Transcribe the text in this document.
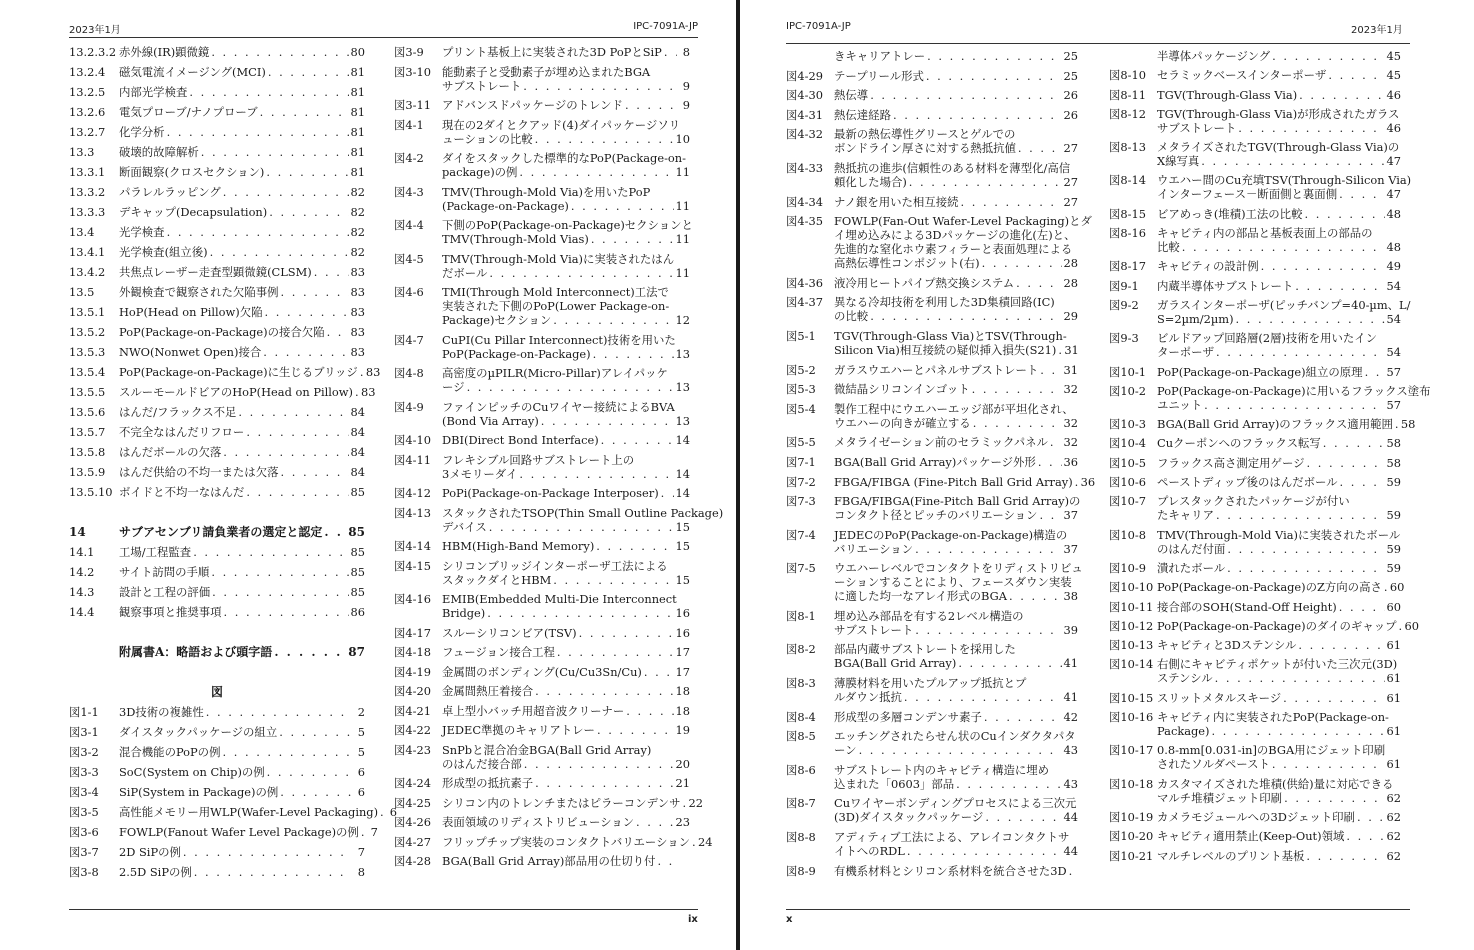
2023年1月	IPC-7091A-JP
13.2.3.2 赤外線(IR)顕微鏡 . . .	80
13.2.4 磁気電流イメージング(MCI) . . .	81
13.2.5 内部光学検査 . . .	81
13.2.6 電気プローブ/ナノプローブ . . .	81
13.2.7 化学分析 . . .	81
13.3 破壊的故障解析 . . .	81
13.3.1 断面観察(クロスセクション) . . .	81
13.3.2 パラレルラッピング . . .	82
13.3.3 デキャップ(Decapsulation) . . .	82
13.4 光学検査 . . .	82
13.4.1 光学検査(組立後) . . .	82
13.4.2 共焦点レーザー走査型顕微鏡(CLSM) . . .	83
13.5 外観検査で観察された欠陥事例 . . .	83
13.5.1 HoP(Head on Pillow)欠陥 . . .	83
13.5.2 PoP(Package-on-Package)の接合欠陥 . . . 83
13.5.3 NWO(Nonwet Open)接合 . . .	83
13.5.4 PoP(Package-on-Package)に生じるブリッジ . . . 83
13.5.5 スルーモールドビアのHoP(Head on Pillow) . . . 83
13.5.6 はんだ/フラックス不足 . . .	84
13.5.7 不完全なはんだリフロー . . .	84
13.5.8 はんだボールの欠落 . . .	84
13.5.9 はんだ供給の不均一または欠落 . . .	84
13.5.10 ボイドと不均一なはんだ . . .	85
14	サブアセンブリ請負業者の選定と認定 . . . 85
14.1 工場/工程監査 . . .	85
14.2 サイト訪問の手順 . . .	85
14.3 設計と工程の評価 . . .	85
14.4 観察事項と推奨事項 . . .	86
附属書A：略語および頭字語 . . .	87
図
図1-1 3D技術の複雑性 . . .	2
図3-1 ダイスタックパッケージの組立 . . .	5
図3-2 混合機能のPoPの例 . . .	5
図3-3 SoC(System on Chip)の例 . . .	6
図3-4 SiP(System in Package)の例 . . .	6
図3-5 高性能メモリー用WLP(Wafer-Level Packaging) . . .	6
図3-6 FOWLP(Fanout Wafer Level Package)の例 . . .	7
図3-7 2D SiPの例 . . .	7
図3-8 2.5D SiPの例 . . .	8
図3-9 プリント基板上に実装された3D PoPとSiP . . .	8
図3-10 能動素子と受動素子が埋め込まれたBGA
サブストレート . . .	9
図3-11 アドバンスドパッケージのトレンド . . .	9
図4-1 現在の2ダイとクアッド(4)ダイパッケージソリ
ューションの比較 . . .	10
図4-2 ダイをスタックした標準的なPoP(Package-on-
package)の例 . . .	11
図4-3 TMV(Through-Mold Via)を用いたPoP
(Package-on-Package) . . .	11
図4-4 下側のPoP(Package-on-Package)セクションと
TMV(Through-Mold Vias) . . .	11
図4-5 TMV(Through-Mold Via)に実装されたはん
だボール . . .	11
図4-6 TMI(Through Mold Interconnect)工法で
実装された下側のPoP(Lower Package-on-
Package)セクション . . .	12
図4-7 CuPI(Cu Pillar Interconnect)技術を用いた
PoP(Package-on-Package) . . .	13
図4-8 高密度のµPILR(Micro-Pillar)アレイパッケ
ージ . . .	13
図4-9 ファインピッチのCuワイヤー接続によるBVA
(Bond Via Array) . . .	13
図4-10 DBI(Direct Bond Interface) . . .	14
図4-11 フレキシブル回路サブストレート上の
3メモリーダイ . . .	14
図4-12 PoPi(Package-on-Package Interposer) . . . 14
図4-13 スタックされたTSOP(Thin Small Outline Package)
デバイス . . .	15
図4-14 HBM(High-Band Memory) . . .	15
図4-15 シリコンブリッジインターポーザ工法による
スタックダイとHBM . . .	15
図4-16 EMIB(Embedded Multi-Die Interconnect
Bridge) . . .	16
図4-17 スルーシリコンビア(TSV) . . .	16
図4-18 フュージョン接合工程 . . .	17
図4-19 金属間のボンディング(Cu/Cu3Sn/Cu) . . .	17
図4-20 金属間熱圧着接合 . . .	18
図4-21 卓上型小バッチ用超音波クリーナー . . .	18
図4-22 JEDEC準拠のキャリアトレー . . .	19
図4-23 SnPbと混合冶金BGA(Ball Grid Array)
のはんだ接合部 . . .	20
図4-24 形成型の抵抗素子 . . .	21
図4-25 シリコン内のトレンチまたはピラーコンデンサ . . . 22
図4-26 表面領域のリディストリビューション . . .	23
図4-27 フリップチップ実装のコンタクトバリエーション . . . 24
図4-28 BGA(Ball Grid Array)部品用の仕切り付
. . .
ix
IPC-7091A-JP	2023年1月
きキャリアトレー . . .	25
図4-29 テープリール形式 . . .	25
図4-30 熱伝導 . . .	26
図4-31 熱伝達経路 . . .	26
図4-32 最新の熱伝導性グリースとゲルでの
ボンドライン厚さに対する熱抵抗値 . . .	27
図4-33 熱抵抗の進歩(信頼性のある材料を薄型化/高信
頼化した場合) . . .	27
図4-34 ナノ銀を用いた相互接続 . . .	27
図4-35 FOWLP(Fan-Out Wafer-Level Packaging)とダ
イ埋め込みによる3Dパッケージの進化(左)と、
先進的な窒化ホウ素フィラーと表面処理による
高熱伝導性コンポジット(右) . . .	28
図4-36 液冷用ヒートパイプ熱交換システム . . .	28
図4-37 異なる冷却技術を利用した3D集積回路(IC)
の比較 . . .	29
図5-1 TGV(Through-Glass Via)とTSV(Through-
Silicon Via)相互接続の疑似挿入損失(S21) . . . 31
図5-2 ガラスウエハーとパネルサブストレート . . . 31
図5-3 微結晶シリコンインゴット . . .	32
図5-4 製作工程中にウエハーエッジ部が平坦化され、
ウエハーの向きが確立する . . .	32
図5-5 メタライゼーション前のセラミックパネル . . . 32
図7-1 BGA(Ball Grid Array)パッケージ外形 . . . 36
図7-2 FBGA/FIBGA (Fine-Pitch Ball Grid Array) . . . 36
図7-3 FBGA/FIBGA(Fine-Pitch Ball Grid Array)の
コンタクト径とピッチのバリエーション . . . 37
図7-4 JEDECのPoP(Package-on-Package)構造の
バリエーション . . .	37
図7-5 ウエハーレベルでコンタクトをリディストリビュ
ーションすることにより、フェースダウン実装
に適した均一なアレイ形式のBGA . . .	38
図8-1 埋め込み部品を有する2レベル構造の
サブストレート . . .	39
図8-2 部品内蔵サブストレートを採用した
BGA(Ball Grid Array) . . .	41
図8-3 薄膜材料を用いたプルアップ抵抗とプ
ルダウン抵抗 . . .	41
図8-4 形成型の多層コンデンサ素子 . . .	42
図8-5 エッチングされたらせん状のCuインダクタパタ
ーン . . .	43
図8-6 サブストレート内のキャビティ構造に埋め
込まれた「0603」部品 . . .	43
図8-7 Cuワイヤーボンディングプロセスによる三次元
(3D)ダイスタックパッケージ . . .	44
図8-8 アディティブ工法による、アレイコンタクトサ
イトへのRDL . . .	44
図8-9 有機系材料とシリコン系材料を統合させた3D
. . .
半導体パッケージング . . .	45
図8-10 セラミックベースインターポーザ . . .	45
図8-11 TGV(Through-Glass Via) . . .	46
図8-12 TGV(Through-Glass Via)が形成されたガラス
サブストレート . . .	46
図8-13 メタライズされたTGV(Through-Glass Via)の
X線写真 . . .	47
図8-14 ウエハー間のCu充填TSV(Through-Silicon Via)
インターフェース－断面側と裏面側 . . .	47
図8-15 ビアめっき(堆積)工法の比較 . . .	48
図8-16 キャビティ内の部品と基板表面上の部品の
比較 . . .	48
図8-17 キャビティの設計例 . . .	49
図9-1 内蔵半導体サブストレート . . .	54
図9-2 ガラスインターポーザ(ピッチバンプ=40-µm、L/
S=2µm/2µm) . . .	54
図9-3 ビルドアップ回路層(2層)技術を用いたイン
ターポーザ . . .	54
図10-1 PoP(Package-on-Package)組立の原理 . . . 57
図10-2 PoP(Package-on-Package)に用いるフラックス塗布
ユニット . . .	57
図10-3 BGA(Ball Grid Array)のフラックス適用範囲 . . . 58
図10-4 Cuクーポンへのフラックス転写 . . .	58
図10-5 フラックス高さ測定用ゲージ . . .	58
図10-6 ペーストディップ後のはんだボール . . .	59
図10-7 プレスタックされたパッケージが付い
たキャリア . . .	59
図10-8 TMV(Through-Mold Via)に実装されたボール
のはんだ付面 . . .	59
図10-9 潰れたボール . . .	59
図10-10 PoP(Package-on-Package)のZ方向の高さ . . . 60
図10-11 接合部のSOH(Stand-Off Height) . . .	60
図10-12 PoP(Package-on-Package)のダイのギャップ . . . 60
図10-13 キャビティと3Dステンシル . . .	61
図10-14 右側にキャビティポケットが付いた三次元(3D)
ステンシル . . .	61
図10-15 スリットメタルスキージ . . .	61
図10-16 キャビティ内に実装されたPoP(Package-on-
Package) . . .	61
図10-17 0.8-mm[0.031-in]のBGA用にジェット印刷
されたソルダペースト . . .	61
図10-18 カスタマイズされた堆積(供給)量に対応できる
マルチ堆積ジェット印刷 . . .	62
図10-19 カメラモジュールへの3Dジェット印刷 . . .	62
図10-20 キャビティ適用禁止(Keep-Out)領域 . . .	62
図10-21 マルチレベルのプリント基板 . . .	62
x
